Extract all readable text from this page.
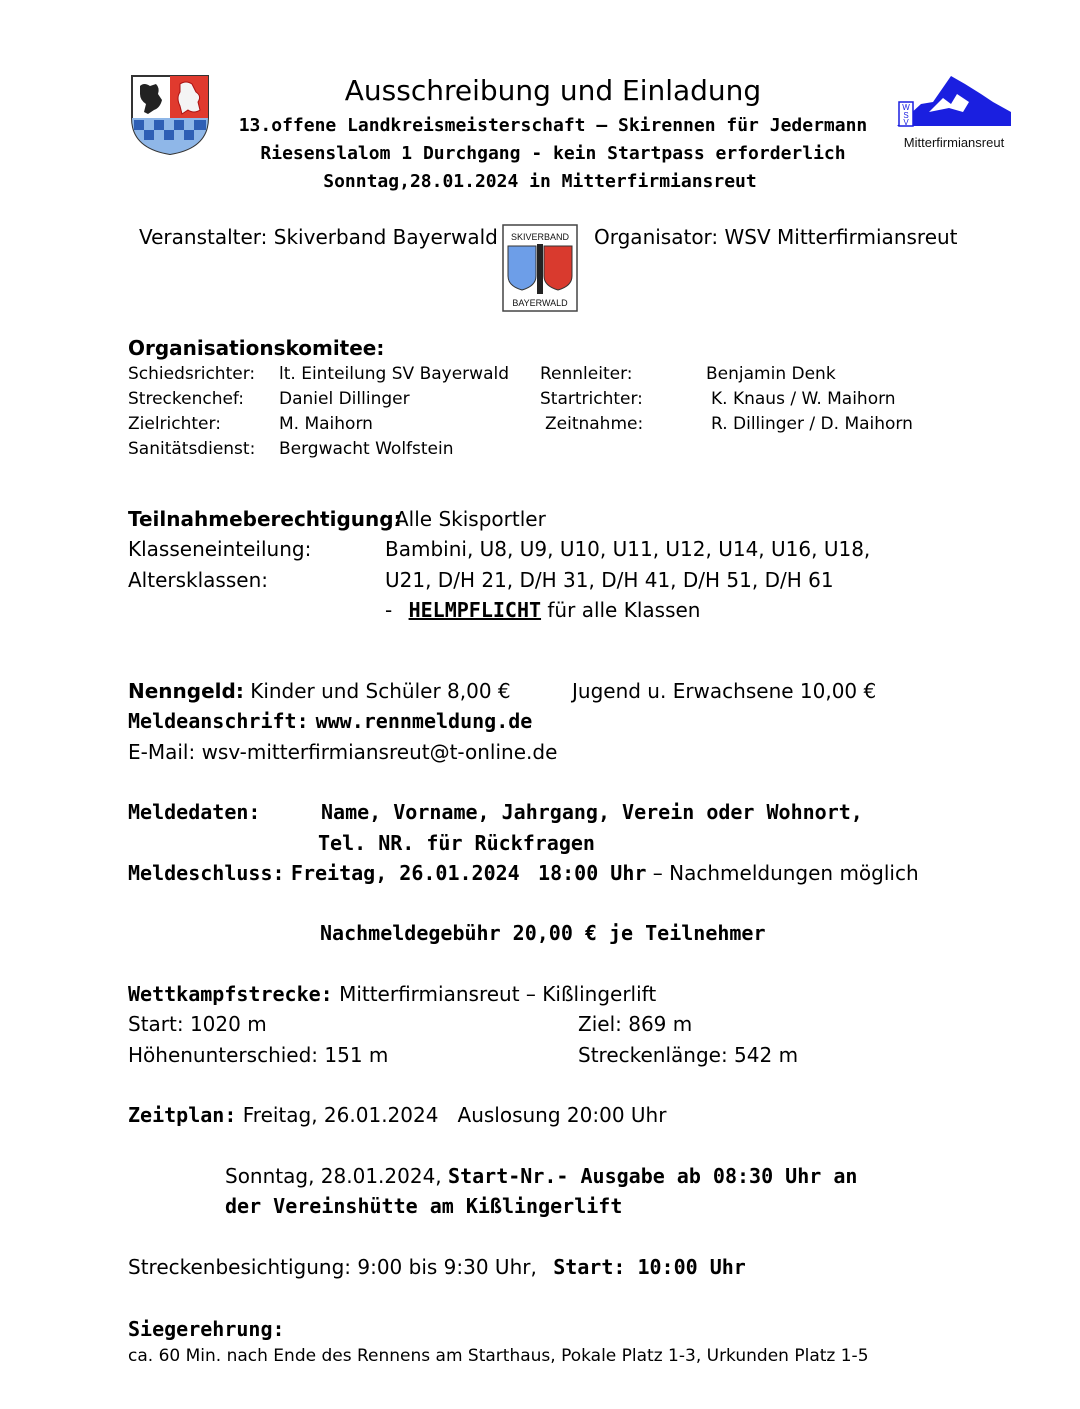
W
S
V
Mitterfirmiansreut
SKIVERBAND
BAYERWALD
Ausschreibung und Einladung
13.offene Landkreismeisterschaft – Skirennen für Jedermann
Riesenslalom 1 Durchgang - kein Startpass erforderlich
Sonntag,28.01.2024 in Mitterfirmiansreut
Veranstalter: Skiverband Bayerwald	Organisator: WSV Mitterfirmiansreut
Organisationskomitee:
Schiedsrichter: lt. Einteilung SV Bayerwald Rennleiter:	Benjamin Denk
Streckenchef: Daniel Dillinger	Startrichter:	K. Knaus / W. Maihorn
Zielrichter:	M. Maihorn	Zeitnahme:	R. Dillinger / D. Maihorn
Sanitätsdienst: Bergwacht Wolfstein
Teilnahmeberechtigung:
Alle Skisportler
Klasseneinteilung:	Bambini, U8, U9, U10, U11, U12, U14, U16, U18,
Altersklassen:	U21, D/H 21, D/H 31, D/H 41, D/H 51, D/H 61
- HELMPFLICHT für alle Klassen
Nenngeld: Kinder und Schüler 8,00 €	Jugend u. Erwachsene 10,00 €
Meldeanschrift: www.rennmeldung.de
E-Mail: wsv-mitterfirmiansreut@t-online.de
Meldedaten:	Name, Vorname, Jahrgang, Verein oder Wohnort,
Tel. NR. für Rückfragen
Meldeschluss: Freitag, 26.01.2024 18:00 Uhr – Nachmeldungen möglich
Nachmeldegebühr 20,00 € je Teilnehmer
Wettkampfstrecke: Mitterfirmiansreut – Kißlingerlift
Start: 1020 m	Ziel: 869 m
Höhenunterschied: 151 m	Streckenlänge: 542 m
Zeitplan: Freitag, 26.01.2024   Auslosung 20:00 Uhr
Sonntag, 28.01.2024, Start-Nr.- Ausgabe ab 08:30 Uhr an
der Vereinshütte am Kißlingerlift
Streckenbesichtigung: 9:00 bis 9:30 Uhr, Start: 10:00 Uhr
Siegerehrung:
ca. 60 Min. nach Ende des Rennens am Starthaus, Pokale Platz 1-3, Urkunden Platz 1-5
